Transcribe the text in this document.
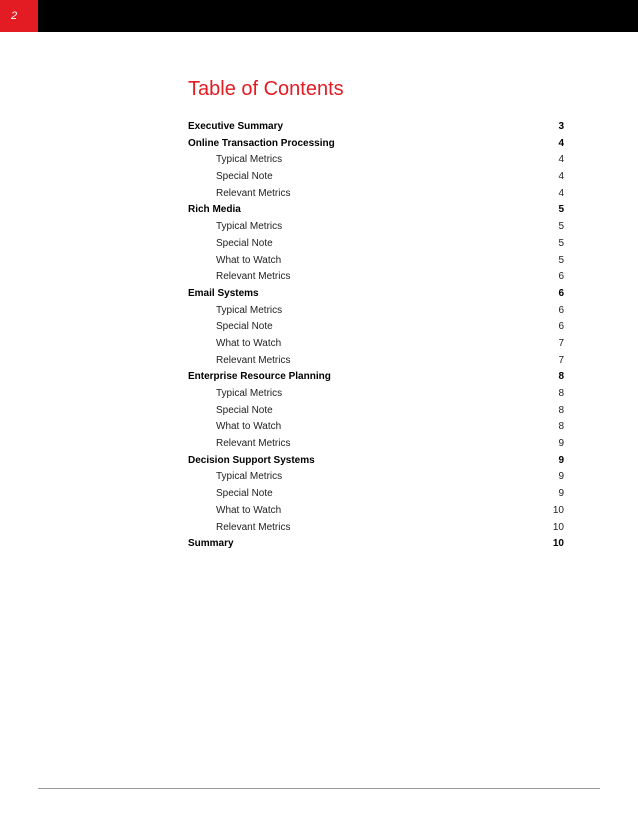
2
Table of Contents
Executive Summary	3
Online Transaction Processing	4
Typical Metrics	4
Special Note	4
Relevant Metrics	4
Rich Media	5
Typical Metrics	5
Special Note	5
What to Watch	5
Relevant Metrics	6
Email Systems	6
Typical Metrics	6
Special Note	6
What to Watch	7
Relevant Metrics	7
Enterprise Resource Planning	8
Typical Metrics	8
Special Note	8
What to Watch	8
Relevant Metrics	9
Decision Support Systems	9
Typical Metrics	9
Special Note	9
What to Watch	10
Relevant Metrics	10
Summary	10
